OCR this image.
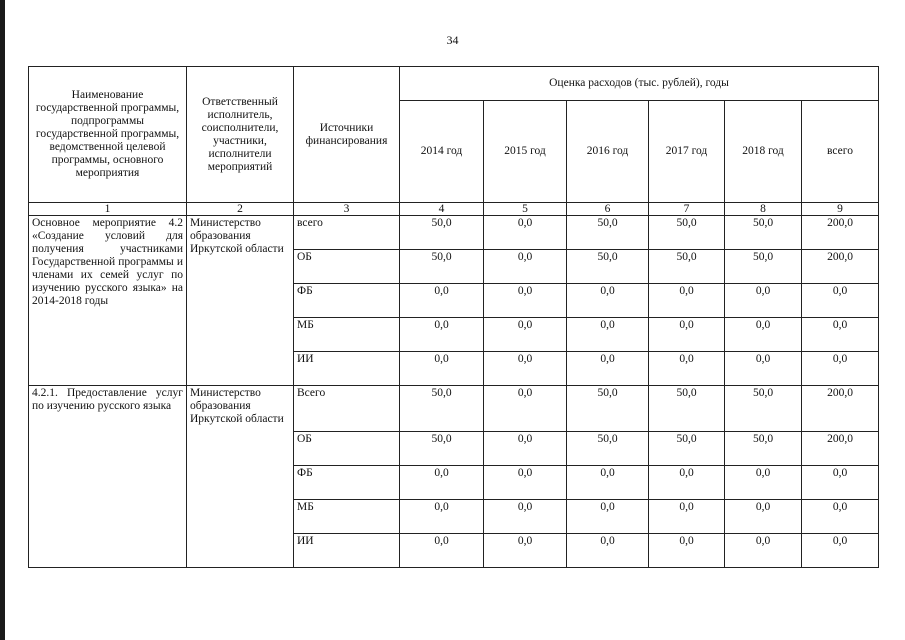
34
Наименование государственной программы, подпрограммы государственной программы, ведомственной целевой программы, основного мероприятия	Ответственный исполнитель, соисполнители, участники, исполнители мероприятий	Источники финансирования	Оценка расходов (тыс. рублей), годы					
			2014 год	2015 год	2016 год	2017 год	2018 год	всего
1	2	3	4	5	6	7	8	9
Основное мероприятие 4.2 «Создание условий для получения участниками Государственной программы и членами их семей услуг по изучению русского языка» на 2014-2018 годы	Министерство образования Иркутской области	всего	50,0	0,0	50,0	50,0	50,0	200,0
		ОБ	50,0	0,0	50,0	50,0	50,0	200,0
		ФБ	0,0	0,0	0,0	0,0	0,0	0,0
		МБ	0,0	0,0	0,0	0,0	0,0	0,0
		ИИ	0,0	0,0	0,0	0,0	0,0	0,0
4.2.1. Предоставление услуг по изучению русского языка	Министерство образования Иркутской области	Всего	50,0	0,0	50,0	50,0	50,0	200,0
		ОБ	50,0	0,0	50,0	50,0	50,0	200,0
		ФБ	0,0	0,0	0,0	0,0	0,0	0,0
		МБ	0,0	0,0	0,0	0,0	0,0	0,0
		ИИ	0,0	0,0	0,0	0,0	0,0	0,0
